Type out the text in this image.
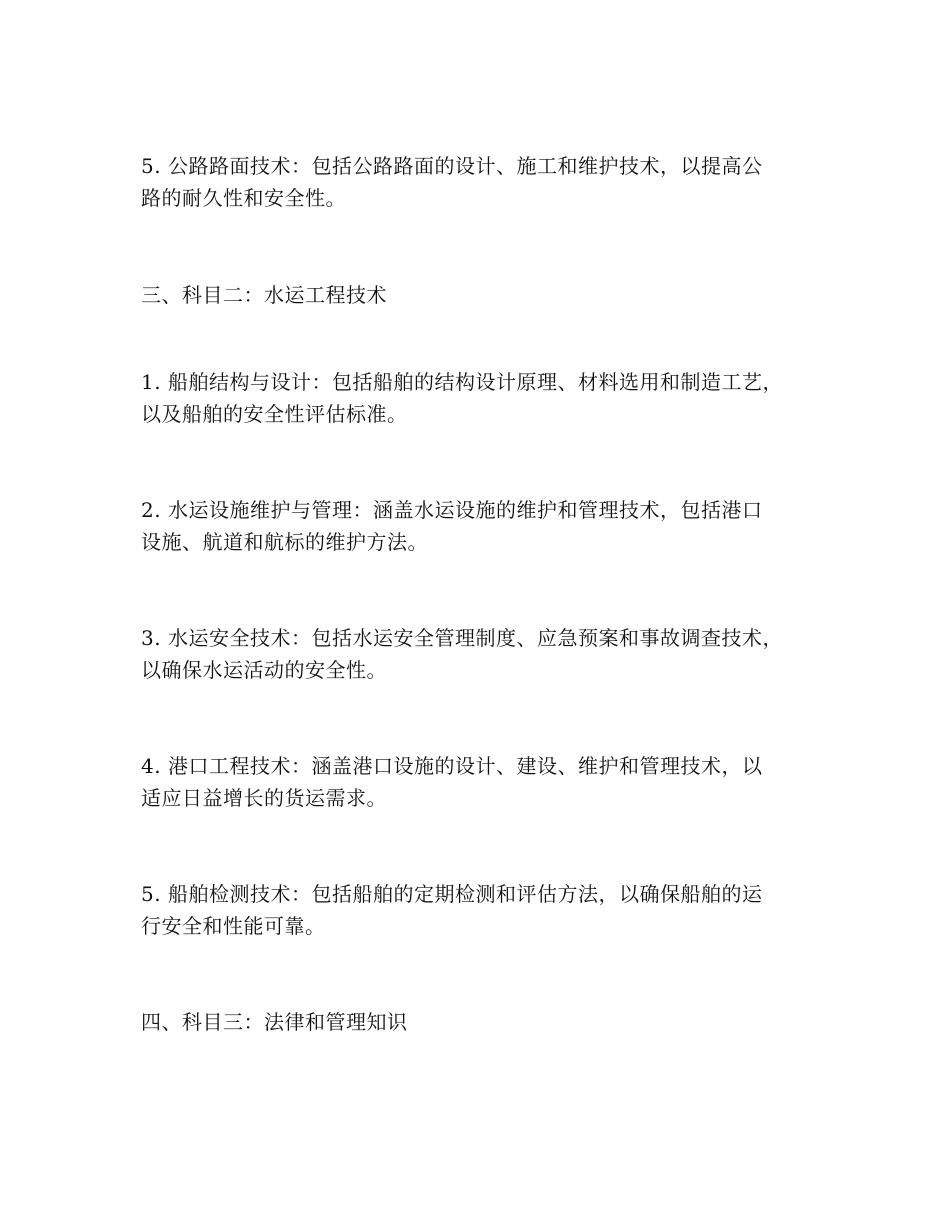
5. 公路路面技术：包括公路路面的设计、施工和维护技术，以提高公
路的耐久性和安全性。

三、科目二：水运工程技术

1. 船舶结构与设计：包括船舶的结构设计原理、材料选用和制造工艺，
以及船舶的安全性评估标准。

2. 水运设施维护与管理：涵盖水运设施的维护和管理技术，包括港口
设施、航道和航标的维护方法。

3. 水运安全技术：包括水运安全管理制度、应急预案和事故调查技术，
以确保水运活动的安全性。

4. 港口工程技术：涵盖港口设施的设计、建设、维护和管理技术，以
适应日益增长的货运需求。

5. 船舶检测技术：包括船舶的定期检测和评估方法，以确保船舶的运
行安全和性能可靠。

四、科目三：法律和管理知识
